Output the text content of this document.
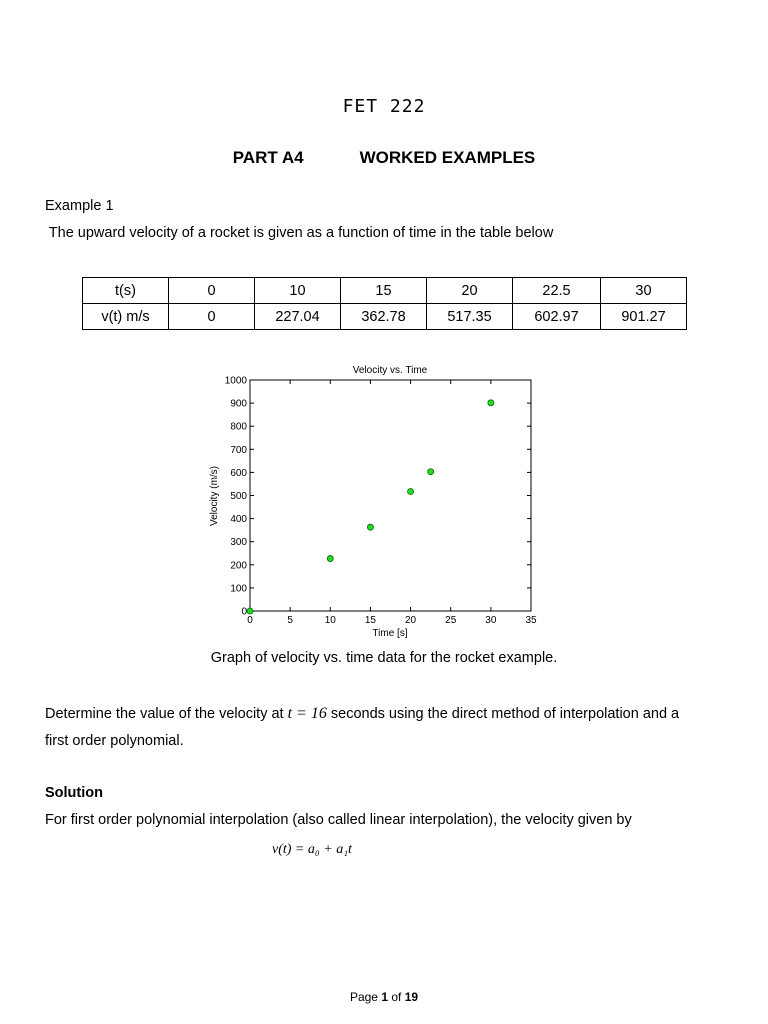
FET 222
PART A4	WORKED EXAMPLES
Example 1
The upward velocity of a rocket is given as a function of time in the table below
t(s)	0	10	15	20	22.5	30
v(t) m/s	0	227.04	362.78	517.35	602.97	901.27
Velocity vs. Time
0	5	10	15	20	25	30	35
0
100
200
300
400
500
600
700
800
900
1000
Time [s]
Velocity (m/s)
Graph of velocity vs. time data for the rocket example.
Determine the value of the velocity at t = 16 seconds using the direct method of interpolation and a
first order polynomial.
Solution
For first order polynomial interpolation (also called linear interpolation), the velocity given by
v(t) = a₀ + a₁t
Page 1 of 19
